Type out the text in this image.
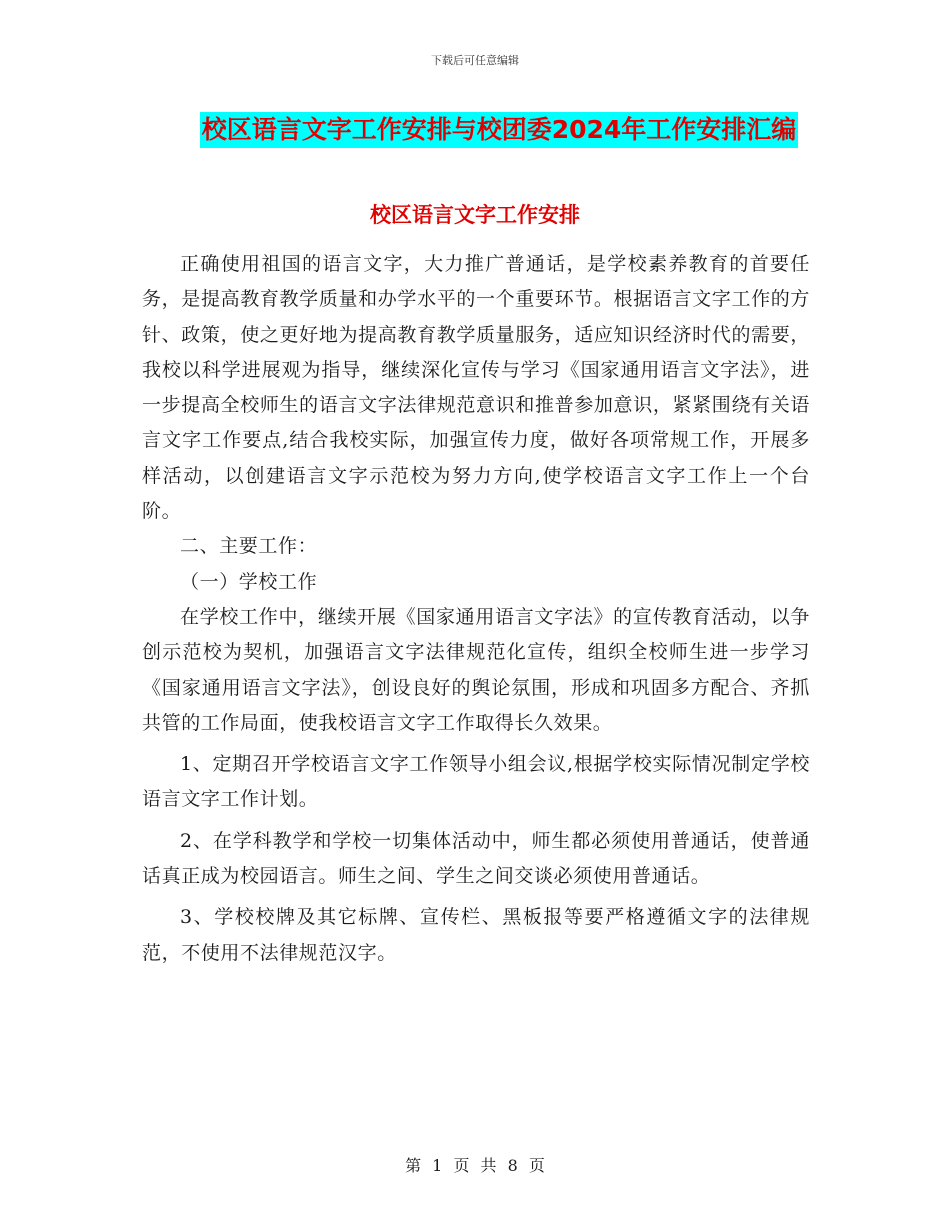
下载后可任意编辑
校区语言文字工作安排与校团委2024年工作安排汇编
校区语言文字工作安排

正确使用祖国的语言文字，大力推广普通话，是学校素养教育的首要任务，是提高教育教学质量和办学水平的一个重要环节。根据语言文字工作的方针、政策，使之更好地为提高教育教学质量服务，适应知识经济时代的需要，我校以科学进展观为指导，继续深化宣传与学习《国家通用语言文字法》，进一步提高全校师生的语言文字法律规范意识和推普参加意识，紧紧围绕有关语言文字工作要点,结合我校实际，加强宣传力度，做好各项常规工作，开展多样活动，以创建语言文字示范校为努力方向,使学校语言文字工作上一个台阶。

二、主要工作：

（一）学校工作

在学校工作中，继续开展《国家通用语言文字法》的宣传教育活动，以争创示范校为契机，加强语言文字法律规范化宣传，组织全校师生进一步学习《国家通用语言文字法》，创设良好的舆论氛围，形成和巩固多方配合、齐抓共管的工作局面，使我校语言文字工作取得长久效果。

1、定期召开学校语言文字工作领导小组会议,根据学校实际情况制定学校语言文字工作计划。

2、在学科教学和学校一切集体活动中，师生都必须使用普通话，使普通话真正成为校园语言。师生之间、学生之间交谈必须使用普通话。

3、学校校牌及其它标牌、宣传栏、黑板报等要严格遵循文字的法律规范，不使用不法律规范汉字。

第 1 页 共 8 页
